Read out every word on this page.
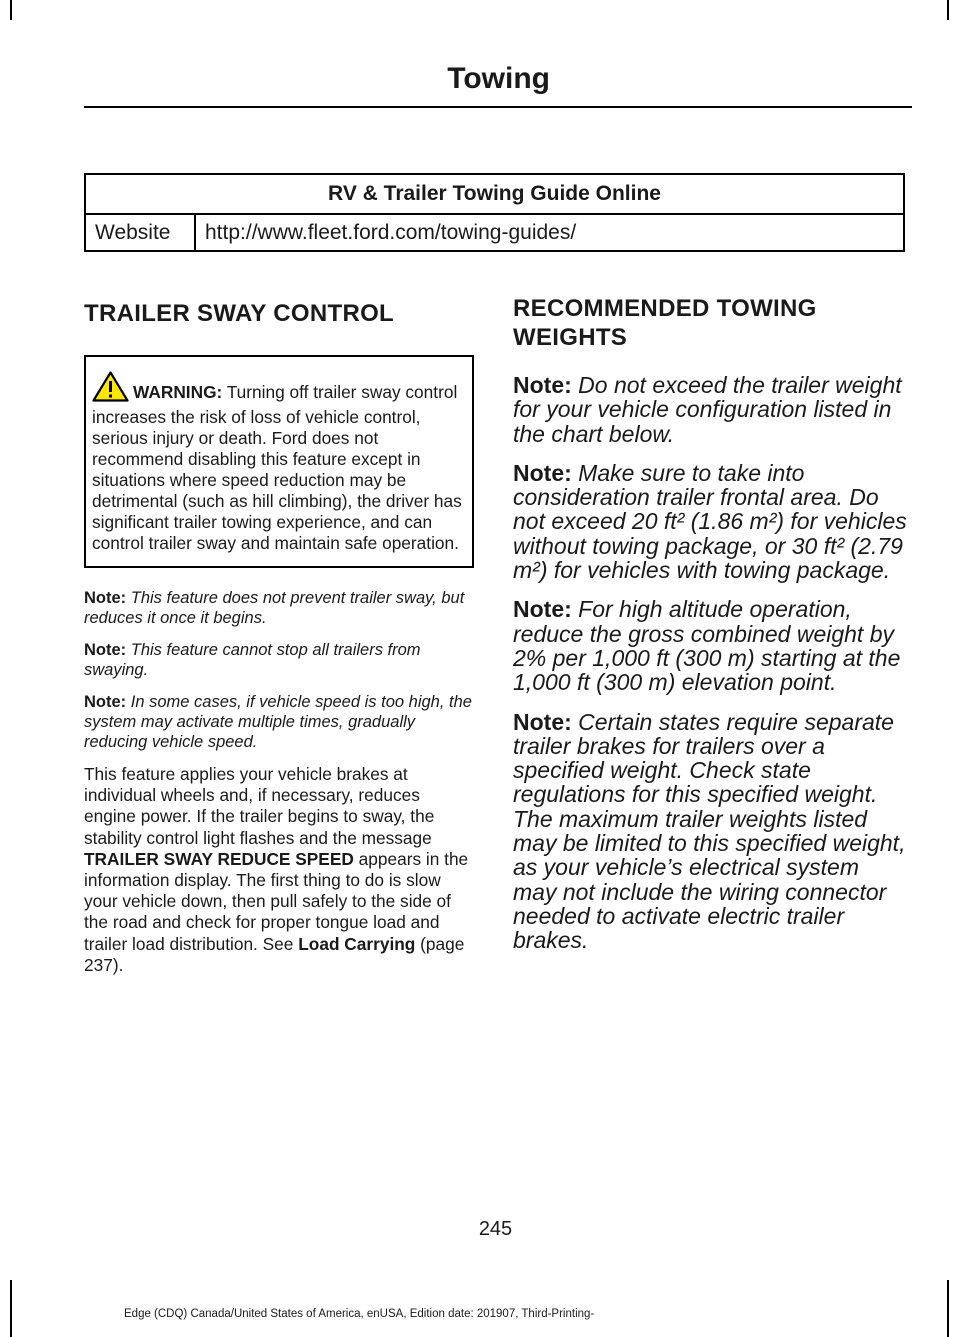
Towing
RV & Trailer Towing Guide Online
Website	http://www.fleet.ford.com/towing-guides/
TRAILER SWAY CONTROL
WARNING: Turning off trailer sway control increases the risk of loss of vehicle control, serious injury or death. Ford does not recommend disabling this feature except in situations where speed reduction may be detrimental (such as hill climbing), the driver has significant trailer towing experience, and can control trailer sway and maintain safe operation.

Note: This feature does not prevent trailer sway, but reduces it once it begins.

Note: This feature cannot stop all trailers from swaying.

Note: In some cases, if vehicle speed is too high, the system may activate multiple times, gradually reducing vehicle speed.

This feature applies your vehicle brakes at individual wheels and, if necessary, reduces engine power. If the trailer begins to sway, the stability control light flashes and the message TRAILER SWAY REDUCE SPEED appears in the information display. The first thing to do is slow your vehicle down, then pull safely to the side of the road and check for proper tongue load and trailer load distribution. See Load Carrying (page 237).

RECOMMENDED TOWING WEIGHTS

Note: Do not exceed the trailer weight for your vehicle configuration listed in the chart below.

Note: Make sure to take into consideration trailer frontal area. Do not exceed 20 ft² (1.86 m²) for vehicles without towing package, or 30 ft² (2.79 m²) for vehicles with towing package.

Note: For high altitude operation, reduce the gross combined weight by 2% per 1,000 ft (300 m) starting at the 1,000 ft (300 m) elevation point.

Note: Certain states require separate trailer brakes for trailers over a specified weight. Check state regulations for this specified weight. The maximum trailer weights listed may be limited to this specified weight, as your vehicle’s electrical system may not include the wiring connector needed to activate electric trailer brakes.

245
Edge (CDQ) Canada/United States of America, enUSA, Edition date: 201907, Third-Printing-
